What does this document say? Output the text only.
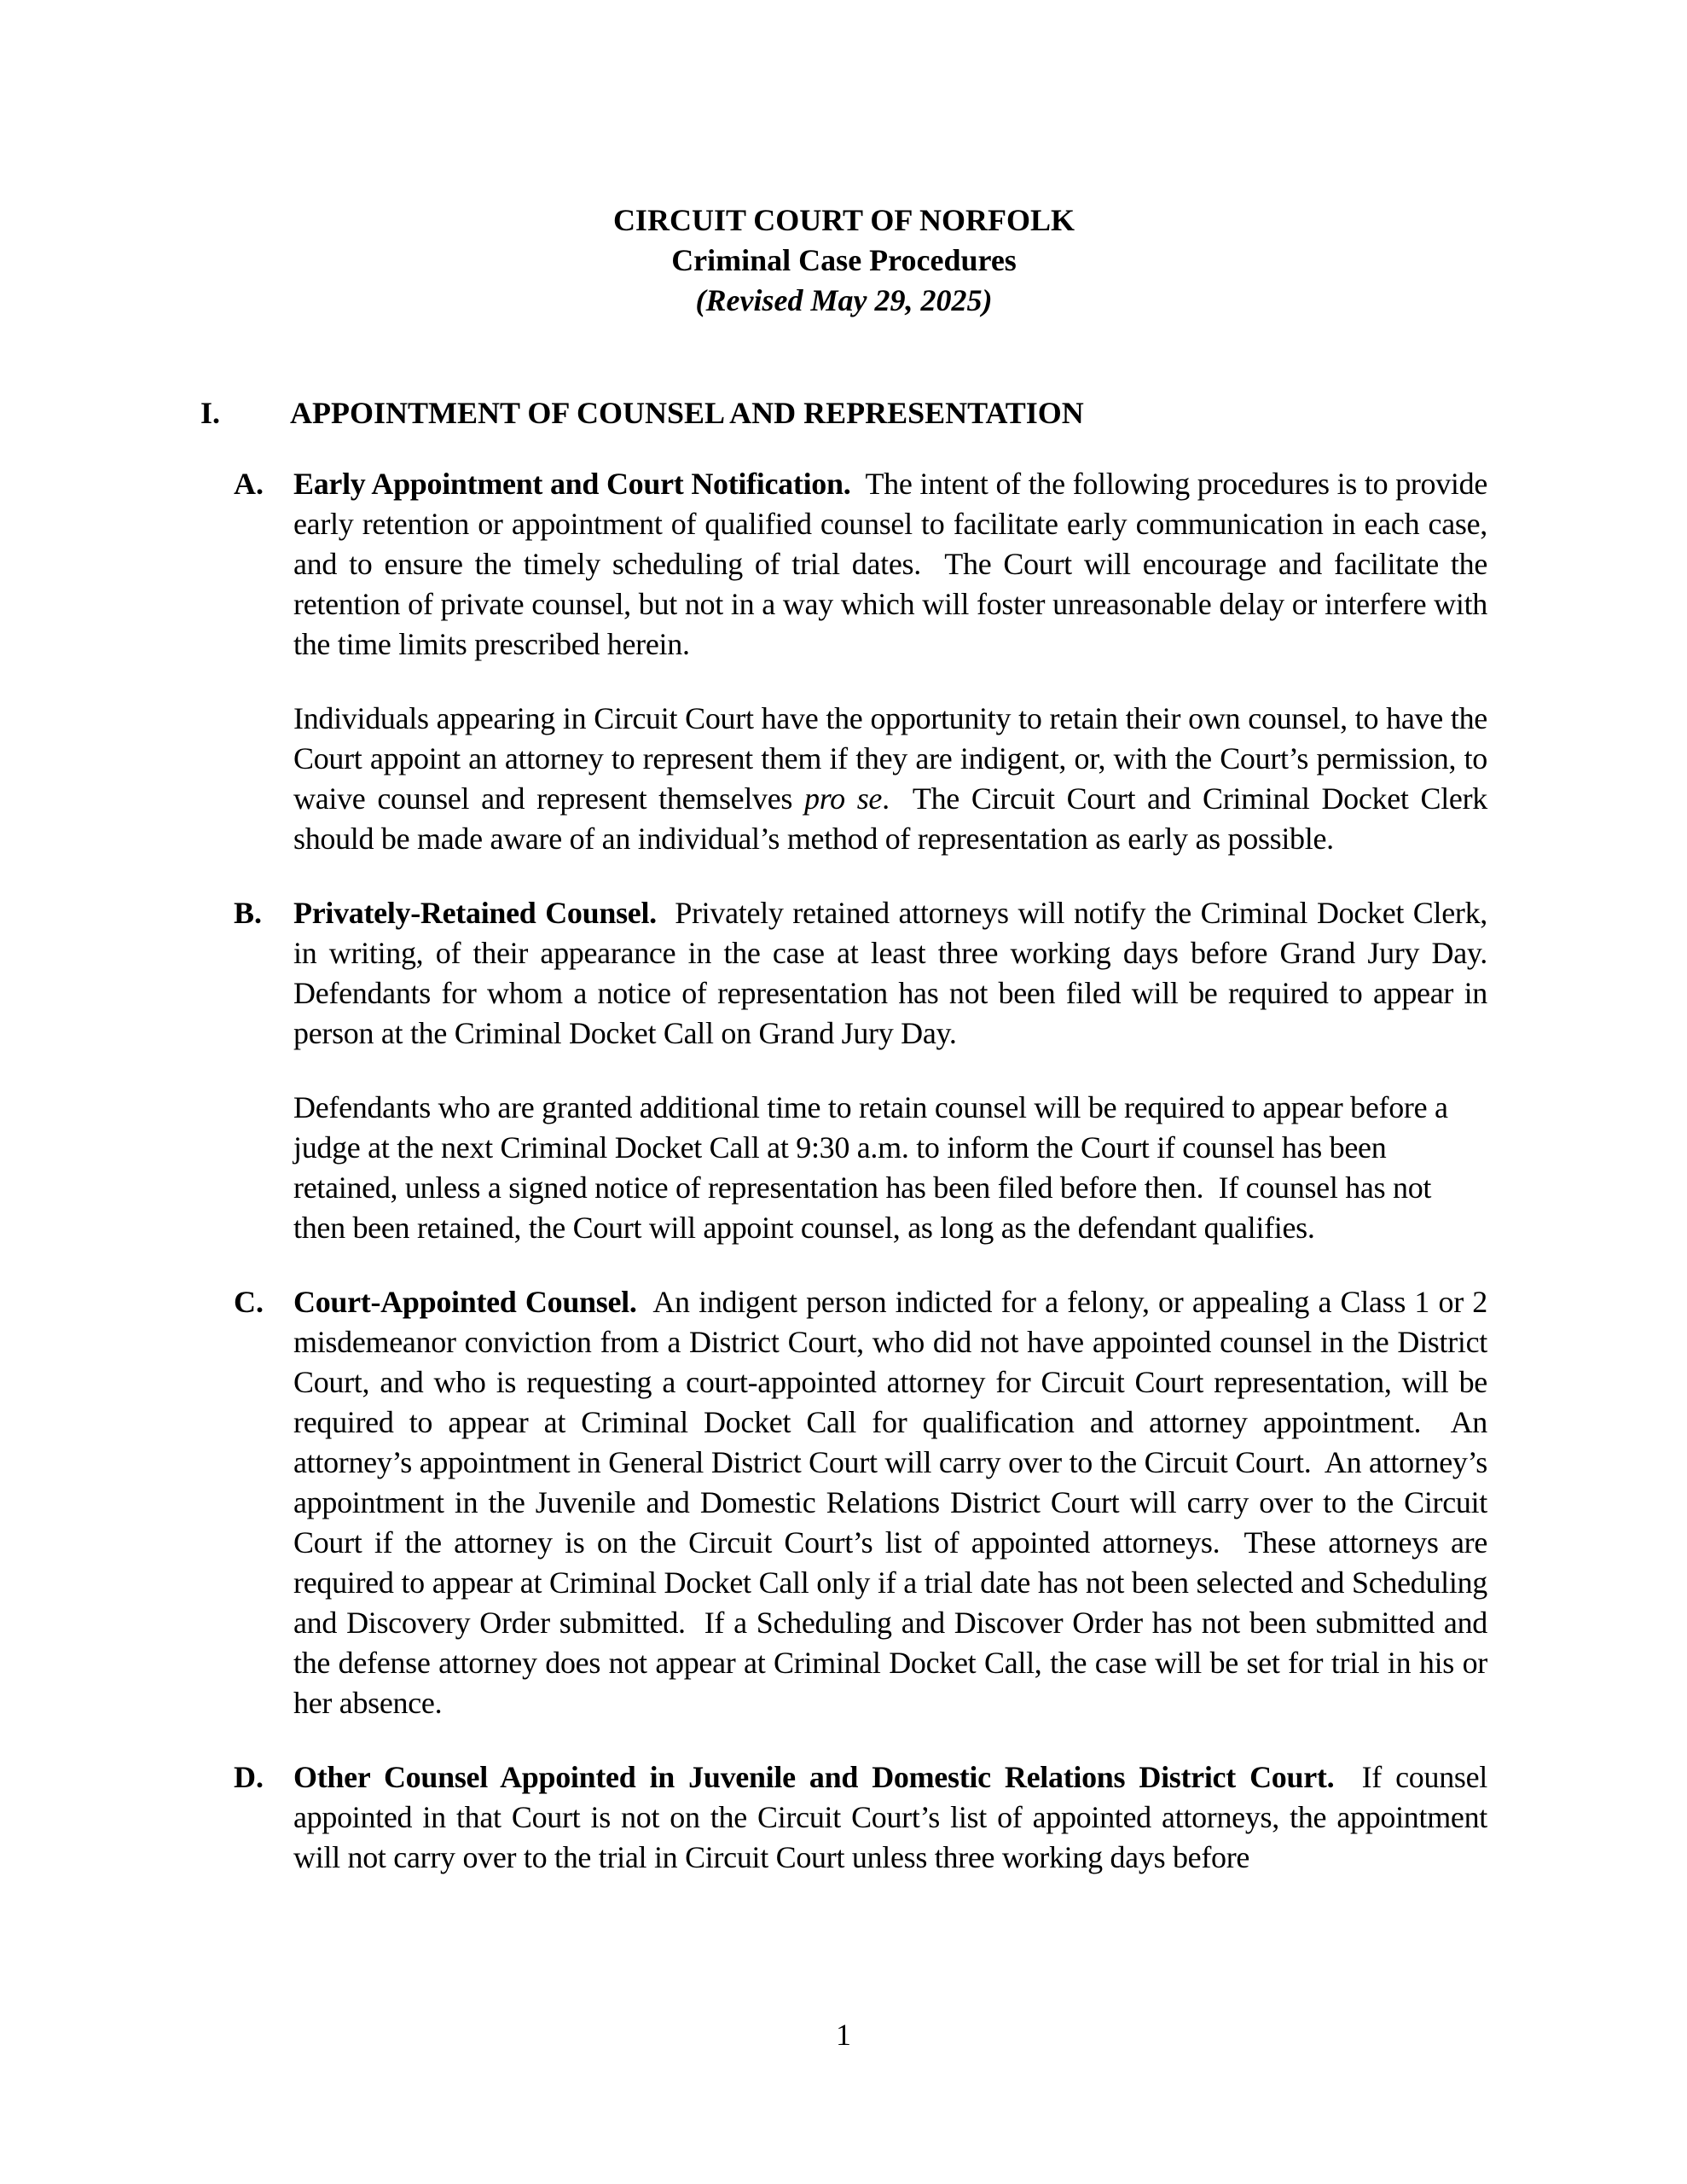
CIRCUIT COURT OF NORFOLK
Criminal Case Procedures
(Revised May 29, 2025)
I. APPOINTMENT OF COUNSEL AND REPRESENTATION
A. Early Appointment and Court Notification.  The intent of the following procedures is to provide early retention or appointment of qualified counsel to facilitate early communication in each case, and to ensure the timely scheduling of trial dates.  The Court will encourage and facilitate the retention of private counsel, but not in a way which will foster unreasonable delay or interfere with the time limits prescribed herein.

Individuals appearing in Circuit Court have the opportunity to retain their own counsel, to have the Court appoint an attorney to represent them if they are indigent, or, with the Court’s permission, to waive counsel and represent themselves pro se.  The Circuit Court and Criminal Docket Clerk should be made aware of an individual’s method of representation as early as possible.

B. Privately-Retained Counsel.  Privately retained attorneys will notify the Criminal Docket Clerk, in writing, of their appearance in the case at least three working days before Grand Jury Day.  Defendants for whom a notice of representation has not been filed will be required to appear in person at the Criminal Docket Call on Grand Jury Day.

Defendants who are granted additional time to retain counsel will be required to appear before a judge at the next Criminal Docket Call at 9:30 a.m. to inform the Court if counsel has been retained, unless a signed notice of representation has been filed before then.  If counsel has not then been retained, the Court will appoint counsel, as long as the defendant qualifies.

C. Court-Appointed Counsel.  An indigent person indicted for a felony, or appealing a Class 1 or 2 misdemeanor conviction from a District Court, who did not have appointed counsel in the District Court, and who is requesting a court-appointed attorney for Circuit Court representation, will be required to appear at Criminal Docket Call for qualification and attorney appointment.  An attorney’s appointment in General District Court will carry over to the Circuit Court.  An attorney’s appointment in the Juvenile and Domestic Relations District Court will carry over to the Circuit Court if the attorney is on the Circuit Court’s list of appointed attorneys.  These attorneys are required to appear at Criminal Docket Call only if a trial date has not been selected and Scheduling and Discovery Order submitted.  If a Scheduling and Discover Order has not been submitted and the defense attorney does not appear at Criminal Docket Call, the case will be set for trial in his or her absence.

D. Other Counsel Appointed in Juvenile and Domestic Relations District Court.  If counsel appointed in that Court is not on the Circuit Court’s list of appointed attorneys, the appointment will not carry over to the trial in Circuit Court unless three working days before

1
